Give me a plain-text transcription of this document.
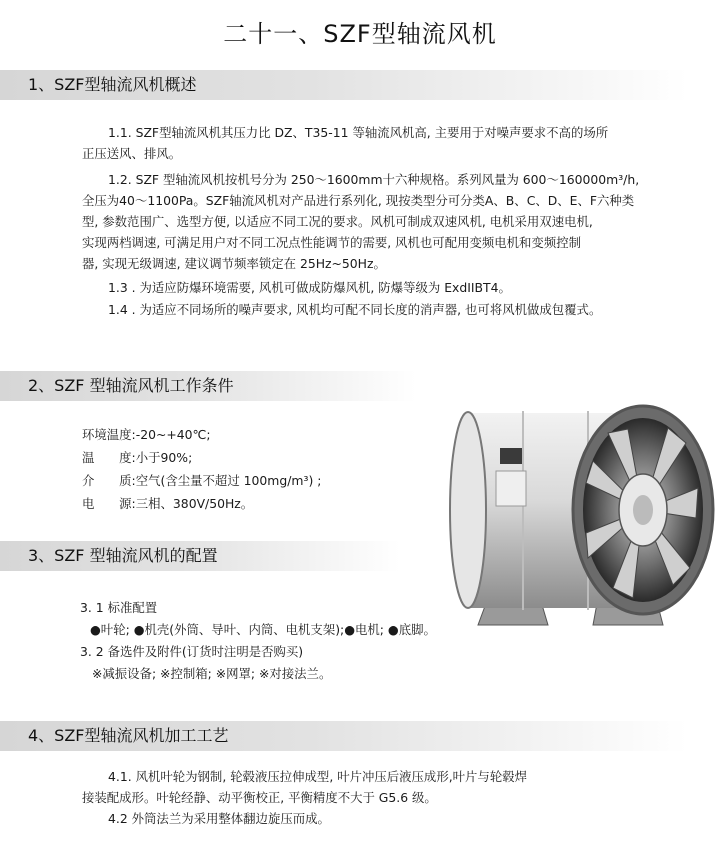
二十一、SZF型轴流风机
1、SZF型轴流风机概述
1.1. SZF型轴流风机其压力比 DZ、T35-11 等轴流风机高, 主要用于对噪声要求不高的场所
正压送风、排风。
1.2. SZF 型轴流风机按机号分为 250～1600mm十六种规格。系列风量为 600～160000m³/h,
全压为40～1100Pa。SZF轴流风机对产品进行系列化, 现按类型分可分类A、B、C、D、E、F六种类
型, 参数范围广、选型方便, 以适应不同工况的要求。风机可制成双速风机, 电机采用双速电机,
实现两档调速, 可满足用户对不同工况点性能调节的需要, 风机也可配用变频电机和变频控制
器, 实现无级调速, 建议调节频率锁定在 25Hz~50Hz。
1.3 . 为适应防爆环境需要, 风机可做成防爆风机, 防爆等级为 ExdIIBT4。
1.4 . 为适应不同场所的噪声要求, 风机均可配不同长度的消声器, 也可将风机做成包覆式。
2、SZF 型轴流风机工作条件
环境温度:-20~+40℃;
温　　度:小于90%;
介　　质:空气(含尘量不超过 100mg/m³) ;
电　　源:三相、380V/50Hz。
3、SZF 型轴流风机的配置
3. 1 标准配置
●叶轮; ●机壳(外筒、导叶、内筒、电机支架);●电机; ●底脚。
3. 2 备选件及附件(订货时注明是否购买)
※减振设备; ※控制箱; ※网罩; ※对接法兰。
4、SZF型轴流风机加工工艺
4.1. 风机叶轮为钢制, 轮毂液压拉伸成型, 叶片冲压后液压成形,叶片与轮毂焊
接装配成形。叶轮经静、动平衡校正, 平衡精度不大于 G5.6 级。
4.2 外筒法兰为采用整体翻边旋压而成。
